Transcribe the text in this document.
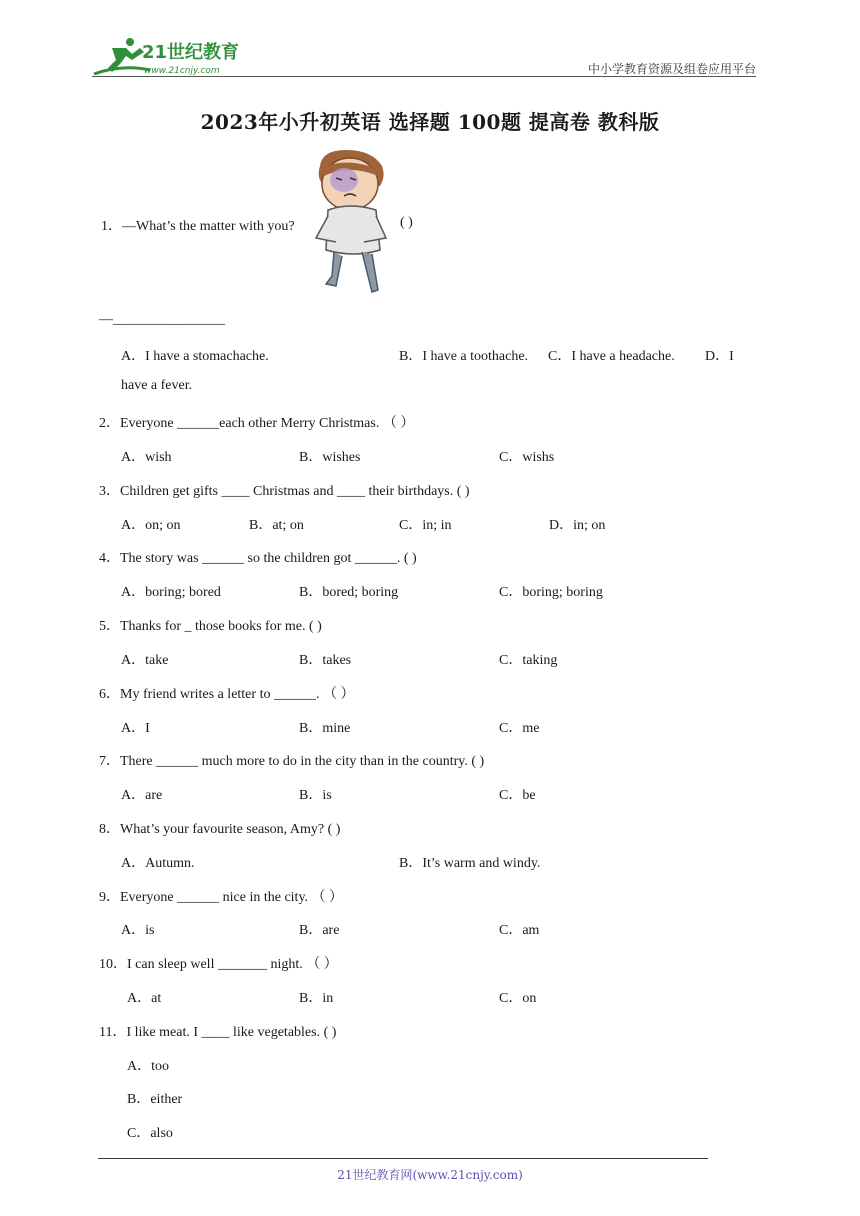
21世纪教育
www.21cnjy.com	中小学教育资源及组卷应用平台
2023年小升初英语 选择题 100题 提高卷 教科版
1．—What’s the matter with you?	( )
—________________
A．I have a stomachache.	B．I have a toothache. C．I have a headache. D．I
have a fever.
2．Everyone ______each other Merry Christmas. （ ）
A．wish	B．wishes	C．wishs
3．Children get gifts ____ Christmas and ____ their birthdays. ( )
A．on; on	B．at; on	C．in; in	D．in; on
4．The story was ______ so the children got ______. ( )
A．boring; bored	B．bored; boring	C．boring; boring
5．Thanks for _ those books for me. ( )
A．take	B．takes	C．taking
6．My friend writes a letter to ______. （ ）
A．I	B．mine	C．me
7．There ______ much more to do in the city than in the country. ( )
A．are	B．is	C．be
8．What’s your favourite season, Amy? ( )
A．Autumn.	B．It’s warm and windy.
9．Everyone ______ nice in the city. （ ）
A．is	B．are	C．am
10．I can sleep well _______ night. （ ）
A．at	B．in	C．on
11．I like meat. I ____ like vegetables. ( )
A．too
B．either
C．also
21世纪教育网(www.21cnjy.com)
